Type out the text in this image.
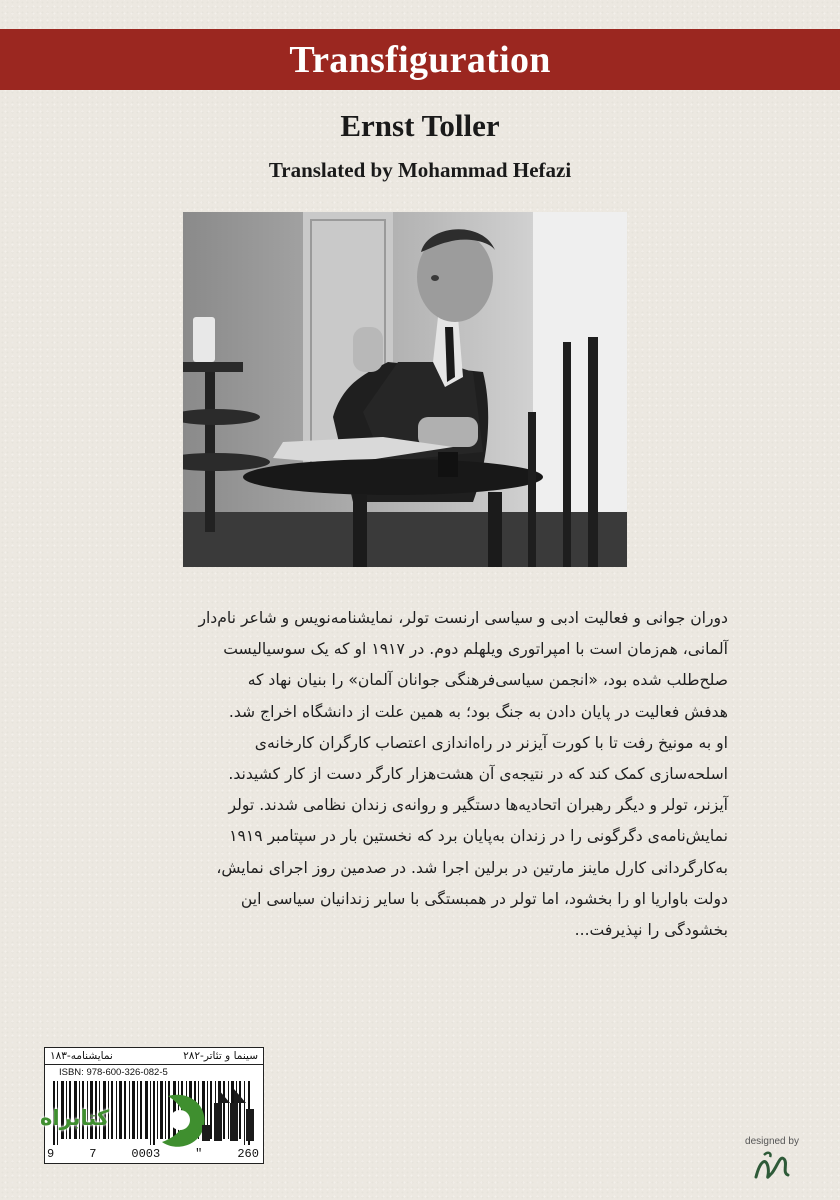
Transfiguration
Ernst Toller
Translated by Mohammad Hefazi
دوران جوانی و فعالیت ادبی و سیاسی ارنست تولر، نمایشنامه‌نویس و شاعر نام‌دار
آلمانی، هم‌زمان است با امپراتوری ویلهلم دوم. در ۱۹۱۷ او که یک سوسیالیست
صلح‌طلب شده بود، «انجمن سیاسی‌فرهنگی جوانان آلمان» را بنیان نهاد که
هدفش فعالیت در پایان دادن به جنگ بود؛ به همین علت از دانشگاه اخراج شد.
او به مونیخ رفت تا با کورت آیزنر در راه‌اندازی اعتصاب کارگران کارخانه‌ی
اسلحه‌سازی کمک کند که در نتیجه‌ی آن هشت‌هزار کارگر دست از کار کشیدند.
آیزنر، تولر و دیگر رهبران اتحادیه‌ها دستگیر و روانه‌ی زندان نظامی شدند. تولر
نمایش‌نامه‌ی دگرگونی را در زندان به‌پایان برد که نخستین بار در سپتامبر ۱۹۱۹
به‌کارگردانی کارل ماینز مارتین در برلین اجرا شد. در صدمین روز اجرای نمایش،
دولت باواریا او را بخشود، اما تولر در همبستگی با سایر زندانیان سیاسی این
بخشودگی را نپذیرفت...
سینما و تئاتر-۲۸۲
نمایشنامه-۱۸۳
ISBN: 978-600-326-082-5
9	7	0003	"	260
کتابراه
designed by
